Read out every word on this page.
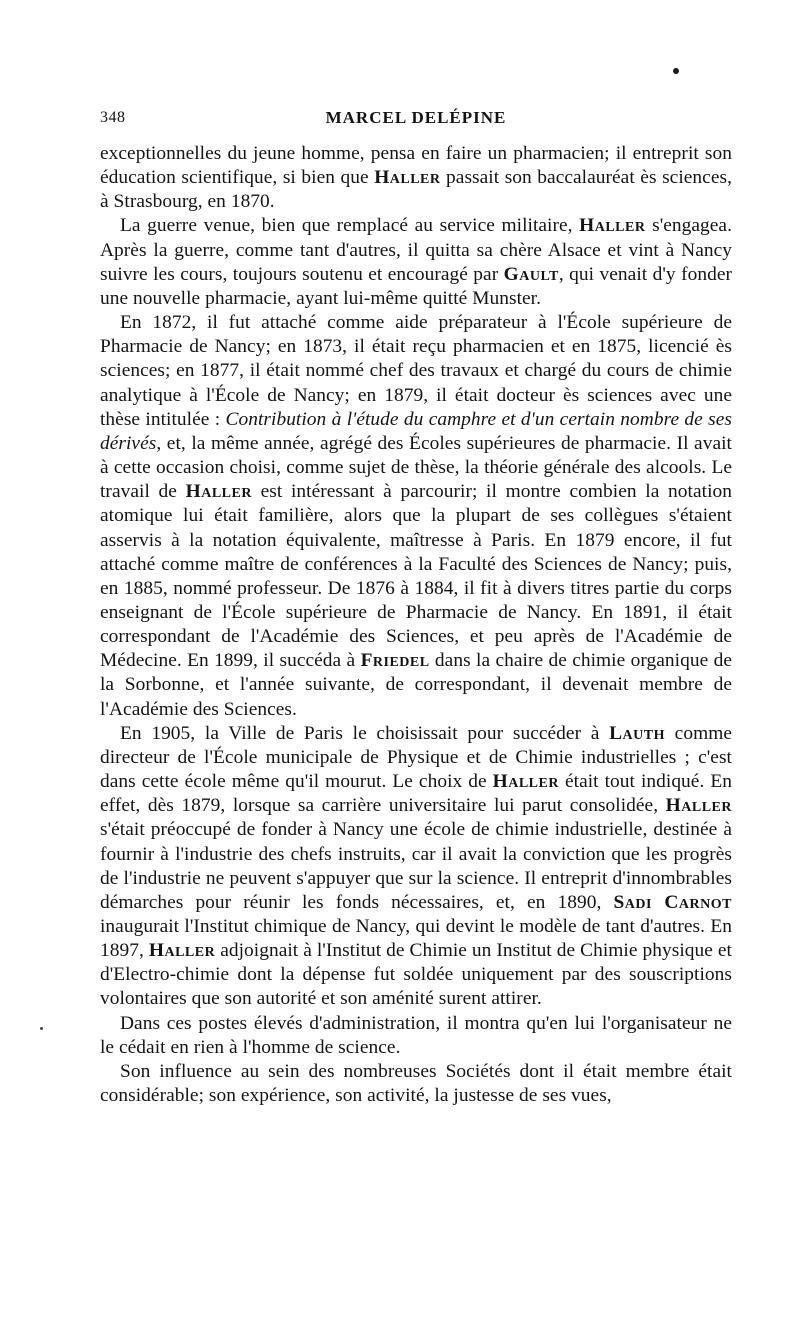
348	MARCEL DELÉPINE

exceptionnelles du jeune homme, pensa en faire un pharmacien; il entreprit son éducation scientifique, si bien que Haller passait son baccalauréat ès sciences, à Strasbourg, en 1870.

La guerre venue, bien que remplacé au service militaire, Haller s'engagea. Après la guerre, comme tant d'autres, il quitta sa chère Alsace et vint à Nancy suivre les cours, toujours soutenu et encouragé par Gault, qui venait d'y fonder une nouvelle pharmacie, ayant lui-même quitté Munster.

En 1872, il fut attaché comme aide préparateur à l'École supérieure de Pharmacie de Nancy; en 1873, il était reçu pharmacien et en 1875, licencié ès sciences; en 1877, il était nommé chef des travaux et chargé du cours de chimie analytique à l'École de Nancy; en 1879, il était docteur ès sciences avec une thèse intitulée : Contribution à l'étude du camphre et d'un certain nombre de ses dérivés, et, la même année, agrégé des Écoles supérieures de pharmacie. Il avait à cette occasion choisi, comme sujet de thèse, la théorie générale des alcools. Le travail de Haller est intéressant à parcourir; il montre combien la notation atomique lui était familière, alors que la plupart de ses collègues s'étaient asservis à la notation équivalente, maîtresse à Paris. En 1879 encore, il fut attaché comme maître de conférences à la Faculté des Sciences de Nancy; puis, en 1885, nommé professeur. De 1876 à 1884, il fit à divers titres partie du corps enseignant de l'École supérieure de Pharmacie de Nancy. En 1891, il était correspondant de l'Académie des Sciences, et peu après de l'Académie de Médecine. En 1899, il succéda à Friedel dans la chaire de chimie organique de la Sorbonne, et l'année suivante, de correspondant, il devenait membre de l'Académie des Sciences.

En 1905, la Ville de Paris le choisissait pour succéder à Lauth comme directeur de l'École municipale de Physique et de Chimie industrielles ; c'est dans cette école même qu'il mourut. Le choix de Haller était tout indiqué. En effet, dès 1879, lorsque sa carrière universitaire lui parut consolidée, Haller s'était préoccupé de fonder à Nancy une école de chimie industrielle, destinée à fournir à l'industrie des chefs instruits, car il avait la conviction que les progrès de l'industrie ne peuvent s'appuyer que sur la science. Il entreprit d'innombrables démarches pour réunir les fonds nécessaires, et, en 1890, Sadi Carnot inaugurait l'Institut chimique de Nancy, qui devint le modèle de tant d'autres. En 1897, Haller adjoignait à l'Institut de Chimie un Institut de Chimie physique et d'Electro-chimie dont la dépense fut soldée uniquement par des souscriptions volontaires que son autorité et son aménité surent attirer.

Dans ces postes élevés d'administration, il montra qu'en lui l'organisateur ne le cédait en rien à l'homme de science.

Son influence au sein des nombreuses Sociétés dont il était membre était considérable; son expérience, son activité, la justesse de ses vues,
